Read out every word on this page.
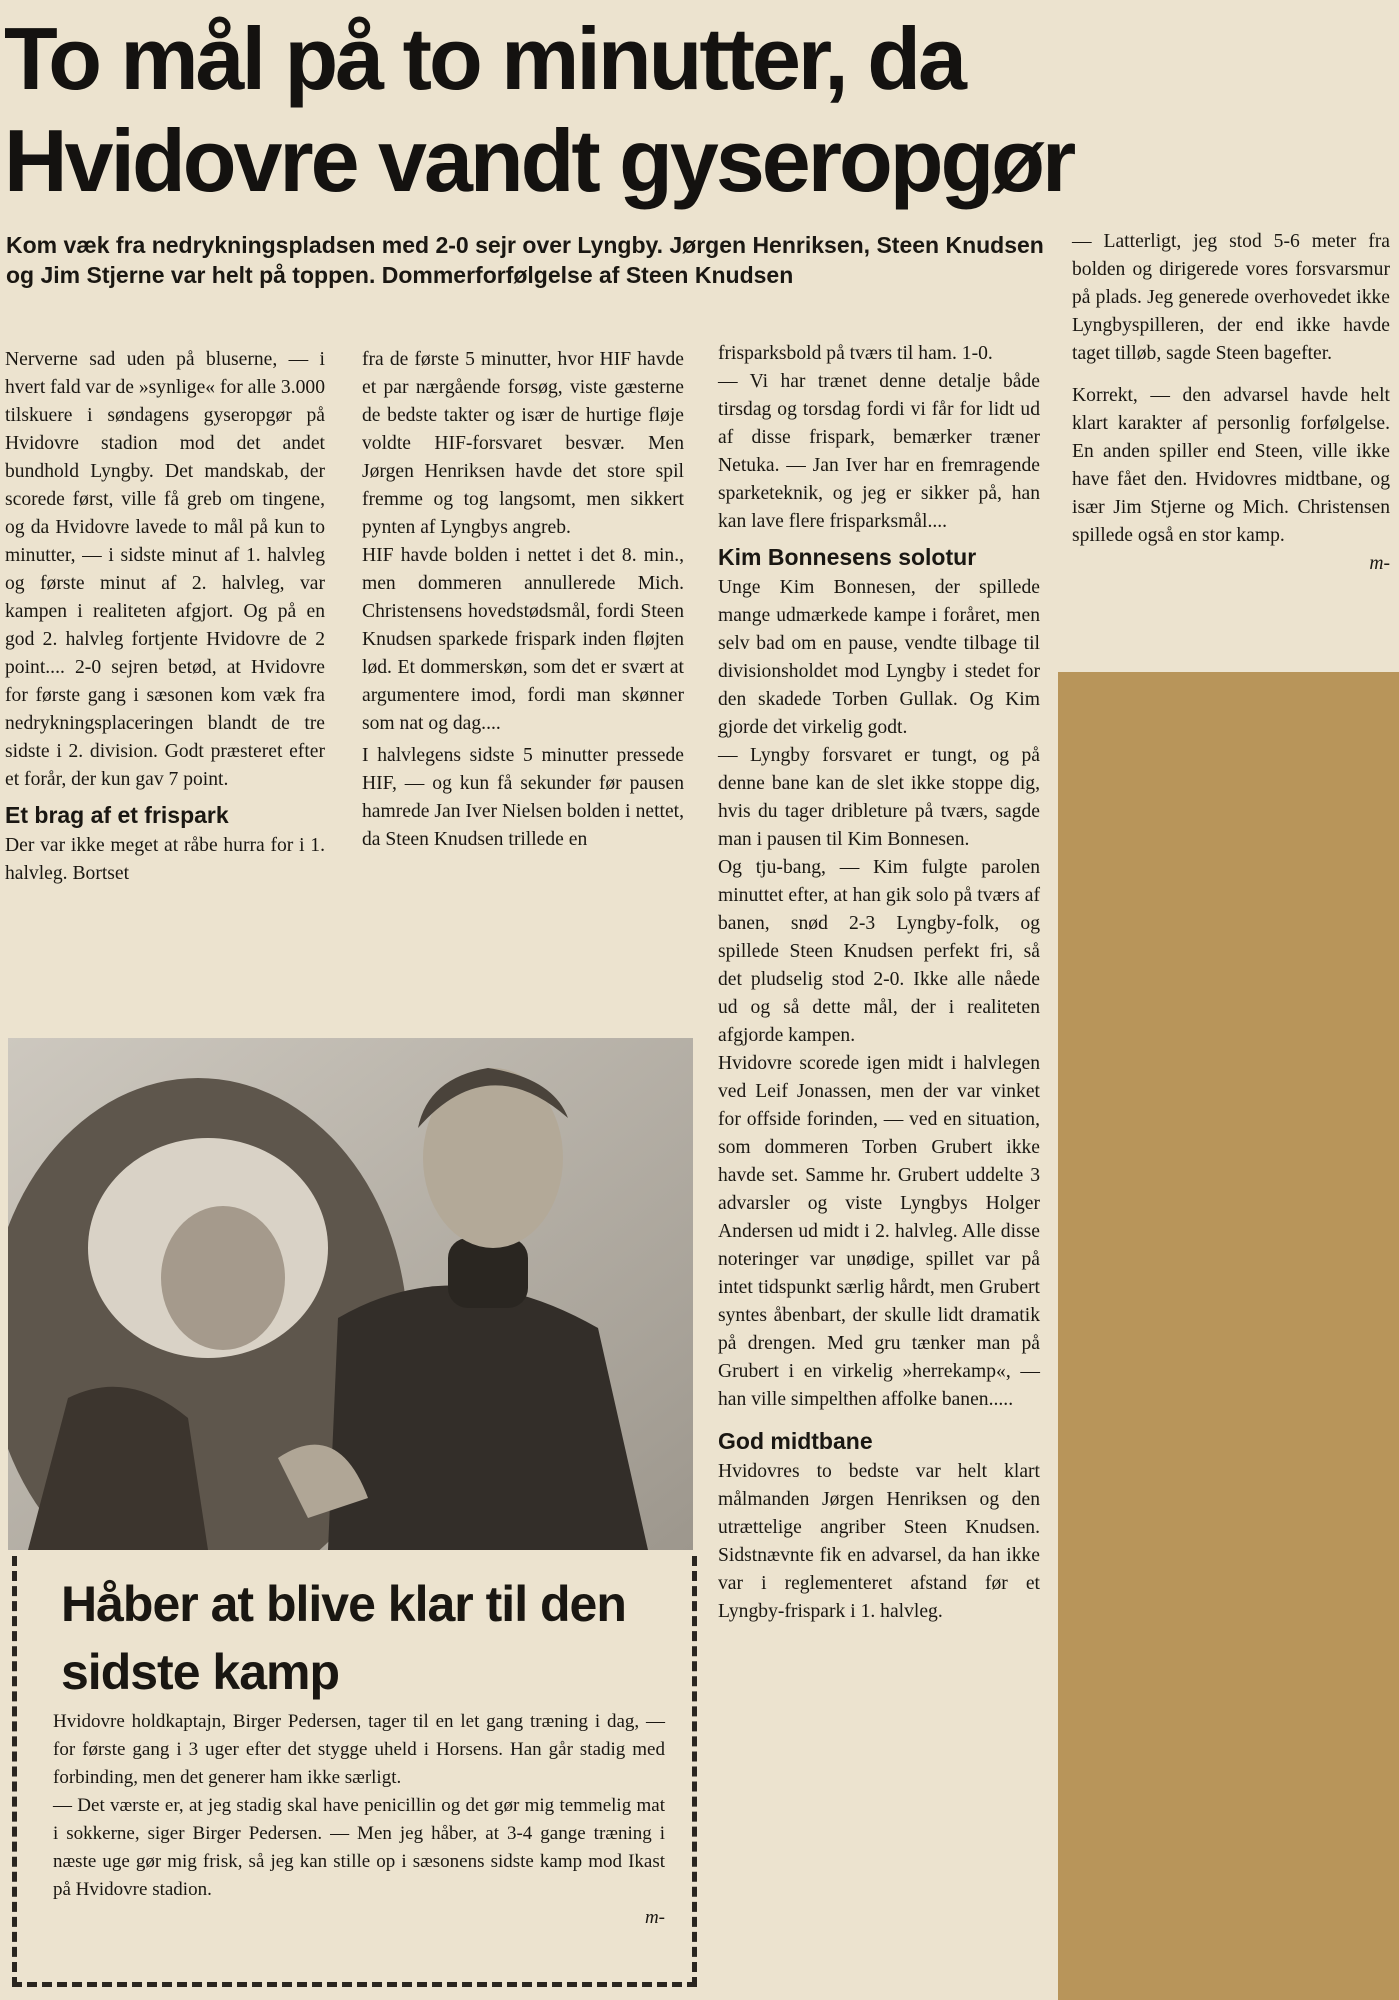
To mål på to minutter, da Hvidovre vandt gyseropgør

Kom væk fra nedrykningspladsen med 2-0 sejr over Lyngby. Jørgen Henriksen, Steen Knudsen og Jim Stjerne var helt på toppen. Dommerforfølgelse af Steen Knudsen

Nerverne sad uden på bluserne, — i hvert fald var de »synlige« for alle 3.000 tilskuere i søndagens gyseropgør på Hvidovre stadion mod det andet bundhold Lyngby. Det mandskab, der scorede først, ville få greb om tingene, og da Hvidovre lavede to mål på kun to minutter, — i sidste minut af 1. halvleg og første minut af 2. halvleg, var kampen i realiteten afgjort. Og på en god 2. halvleg fortjente Hvidovre de 2 point.... 2-0 sejren betød, at Hvidovre for første gang i sæsonen kom væk fra nedrykningsplaceringen blandt de tre sidste i 2. division. Godt præsteret efter et forår, der kun gav 7 point.

Et brag af et frispark

Der var ikke meget at råbe hurra for i 1. halvleg. Bortset

fra de første 5 minutter, hvor HIF havde et par nærgående forsøg, viste gæsterne de bedste takter og især de hurtige fløje voldte HIF-forsvaret besvær. Men Jørgen Henriksen havde det store spil fremme og tog langsomt, men sikkert pynten af Lyngbys angreb.

HIF havde bolden i nettet i det 8. min., men dommeren annullerede Mich. Christensens hovedstødsmål, fordi Steen Knudsen sparkede frispark inden fløjten lød. Et dommerskøn, som det er svært at argumentere imod, fordi man skønner som nat og dag....

I halvlegens sidste 5 minutter pressede HIF, — og kun få sekunder før pausen hamrede Jan Iver Nielsen bolden i nettet, da Steen Knudsen trillede en

frisparksbold på tværs til ham. 1-0.

— Vi har trænet denne detalje både tirsdag og torsdag fordi vi får for lidt ud af disse frispark, bemærker træner Netuka. — Jan Iver har en fremragende sparketeknik, og jeg er sikker på, han kan lave flere frisparksmål....

Kim Bonnesens solotur

Unge Kim Bonnesen, der spillede mange udmærkede kampe i foråret, men selv bad om en pause, vendte tilbage til divisionsholdet mod Lyngby i stedet for den skadede Torben Gullak. Og Kim gjorde det virkelig godt.

— Lyngby forsvaret er tungt, og på denne bane kan de slet ikke stoppe dig, hvis du tager dribleture på tværs, sagde man i pausen til Kim Bonnesen.

Og tju-bang, — Kim fulgte parolen minuttet efter, at han gik solo på tværs af banen, snød 2-3 Lyngby-folk, og spillede Steen Knudsen perfekt fri, så det pludselig stod 2-0. Ikke alle nåede ud og så dette mål, der i realiteten afgjorde kampen.

Hvidovre scorede igen midt i halvlegen ved Leif Jonassen, men der var vinket for offside forinden, — ved en situation, som dommeren Torben Grubert ikke havde set. Samme hr. Grubert uddelte 3 advarsler og viste Lyngbys Holger Andersen ud midt i 2. halvleg. Alle disse noteringer var unødige, spillet var på intet tidspunkt særlig hårdt, men Grubert syntes åbenbart, der skulle lidt dramatik på drengen. Med gru tænker man på Grubert i en virkelig »herrekamp«, — han ville simpelthen affolke banen.....

God midtbane

Hvidovres to bedste var helt klart målmanden Jørgen Henriksen og den utrættelige angriber Steen Knudsen. Sidstnævnte fik en advarsel, da han ikke var i reglementeret afstand før et Lyngby-frispark i 1. halvleg.

— Latterligt, jeg stod 5-6 meter fra bolden og dirigerede vores forsvarsmur på plads. Jeg generede overhovedet ikke Lyngbyspilleren, der end ikke havde taget tilløb, sagde Steen bagefter.

Korrekt, — den advarsel havde helt klart karakter af personlig forfølgelse. En anden spiller end Steen, ville ikke have fået den. Hvidovres midtbane, og især Jim Stjerne og Mich. Christensen spillede også en stor kamp.

m-

Håber at blive klar til den sidste kamp

Hvidovre holdkaptajn, Birger Pedersen, tager til en let gang træning i dag, — for første gang i 3 uger efter det stygge uheld i Horsens. Han går stadig med forbinding, men det generer ham ikke særligt.

— Det værste er, at jeg stadig skal have penicillin og det gør mig temmelig mat i sokkerne, siger Birger Pedersen. — Men jeg håber, at 3-4 gange træning i næste uge gør mig frisk, så jeg kan stille op i sæsonens sidste kamp mod Ikast på Hvidovre stadion.

m-
